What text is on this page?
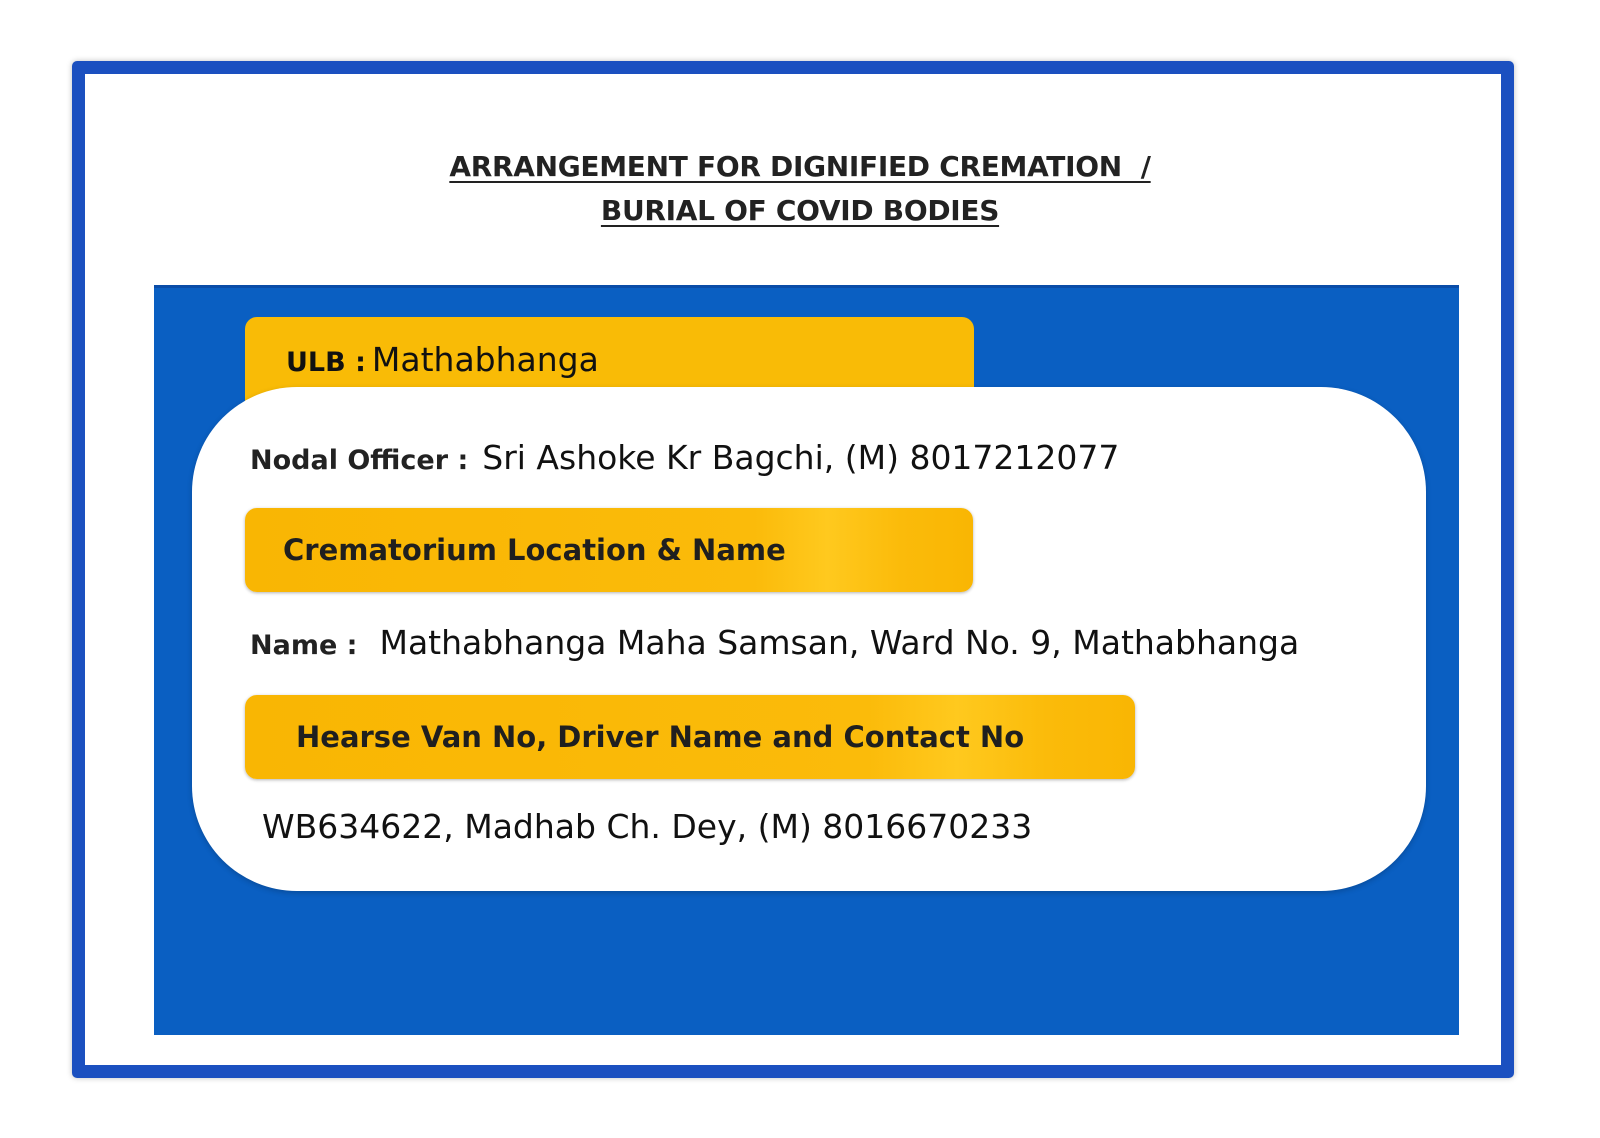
ARRANGEMENT FOR DIGNIFIED CREMATION  /
BURIAL OF COVID BODIES
ULB : Mathabhanga
Nodal Officer : Sri Ashoke Kr Bagchi, (M) 8017212077
Crematorium Location & Name
Name : Mathabhanga Maha Samsan, Ward No. 9, Mathabhanga
Hearse Van No, Driver Name and Contact No
WB634622, Madhab Ch. Dey, (M) 8016670233
